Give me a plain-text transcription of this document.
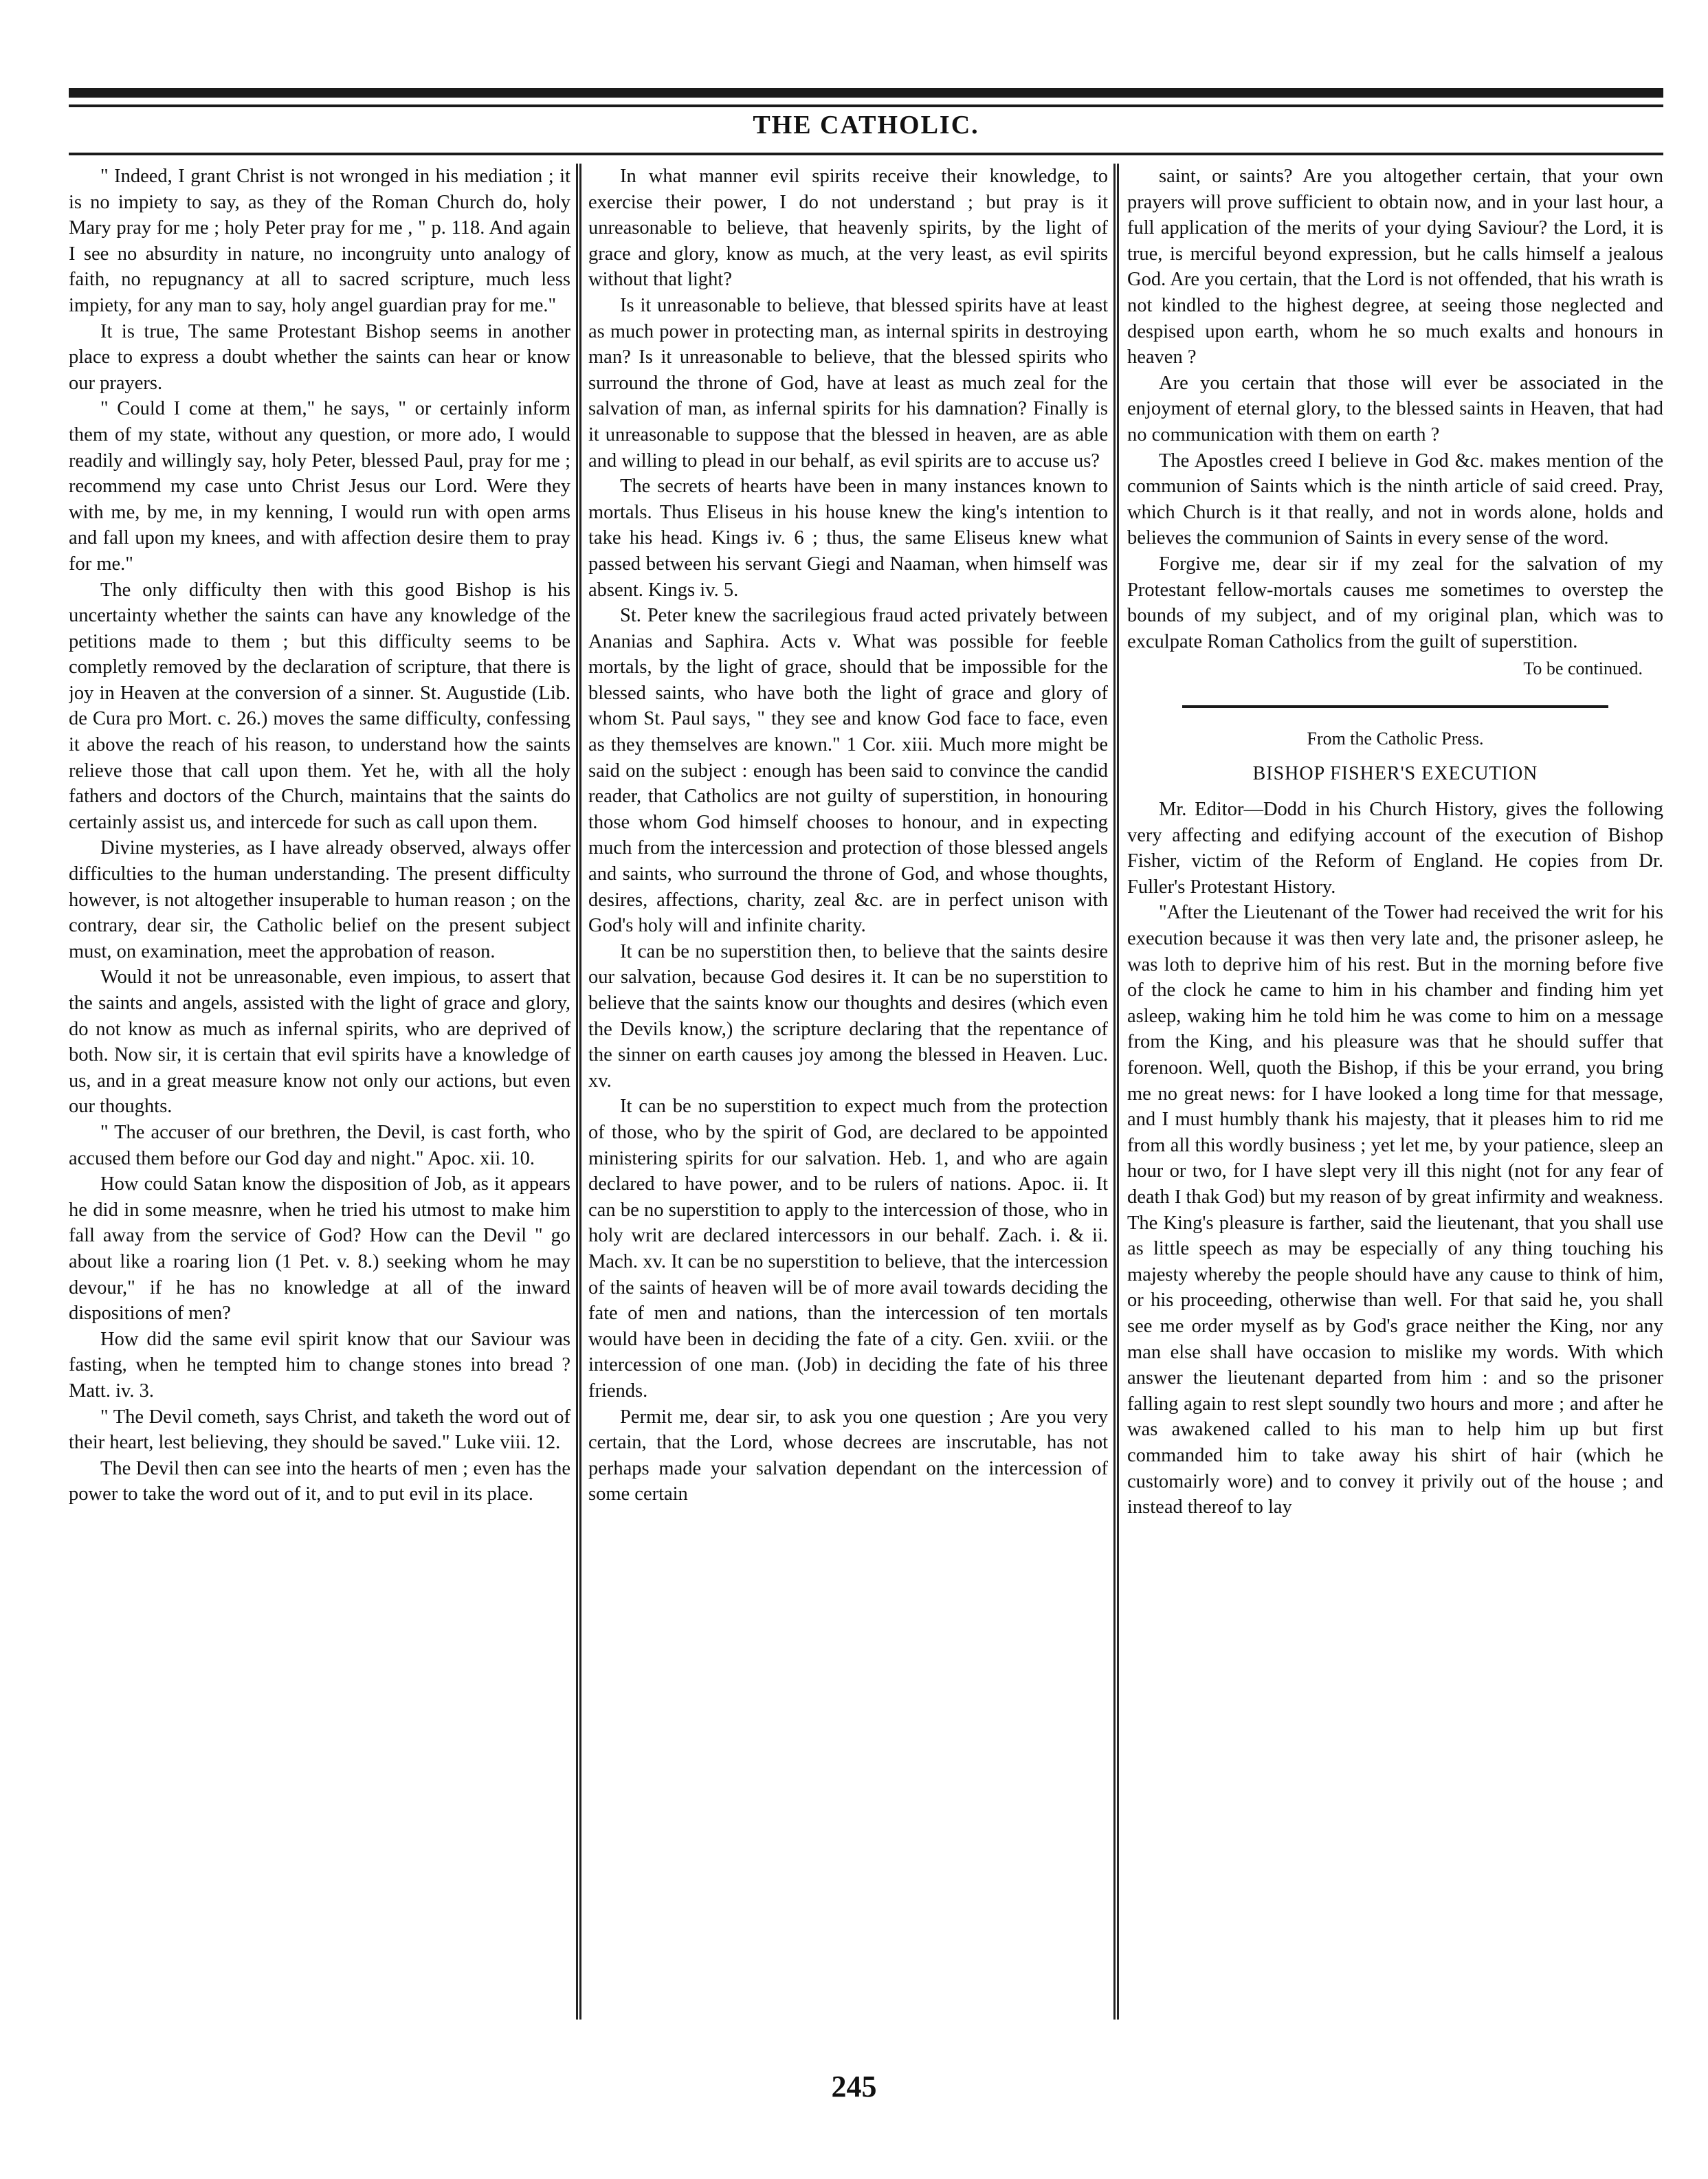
THE CATHOLIC.

" Indeed, I grant Christ is not wronged in his mediation ; it is no impiety to say, as they of the Roman Church do, holy Mary pray for me ; holy Peter pray for me , " p. 118. And again I see no absurdity in nature, no incongruity unto analogy of faith, no repugnancy at all to sacred scripture, much less impiety, for any man to say, holy angel guardian pray for me."

It is true, The same Protestant Bishop seems in another place to express a doubt whether the saints can hear or know our prayers.

" Could I come at them," he says, " or certainly inform them of my state, without any question, or more ado, I would readily and willingly say, holy Peter, blessed Paul, pray for me ; recommend my case unto Christ Jesus our Lord. Were they with me, by me, in my kenning, I would run with open arms and fall upon my knees, and with affection desire them to pray for me."

The only difficulty then with this good Bishop is his uncertainty whether the saints can have any knowledge of the petitions made to them ; but this difficulty seems to be completly removed by the declaration of scripture, that there is joy in Heaven at the conversion of a sinner. St. Augustide (Lib. de Cura pro Mort. c. 26.) moves the same difficulty, confessing it above the reach of his reason, to understand how the saints relieve those that call upon them. Yet he, with all the holy fathers and doctors of the Church, maintains that the saints do certainly assist us, and intercede for such as call upon them.

Divine mysteries, as I have already observed, always offer difficulties to the human understanding. The present difficulty however, is not altogether insuperable to human reason ; on the contrary, dear sir, the Catholic belief on the present subject must, on examination, meet the approbation of reason.

Would it not be unreasonable, even impious, to assert that the saints and angels, assisted with the light of grace and glory, do not know as much as infernal spirits, who are deprived of both. Now sir, it is certain that evil spirits have a knowledge of us, and in a great measure know not only our actions, but even our thoughts.

" The accuser of our brethren, the Devil, is cast forth, who accused them before our God day and night." Apoc. xii. 10.

How could Satan know the disposition of Job, as it appears he did in some measnre, when he tried his utmost to make him fall away from the service of God? How can the Devil " go about like a roaring lion (1 Pet. v. 8.) seeking whom he may devour," if he has no knowledge at all of the inward dispositions of men?

How did the same evil spirit know that our Saviour was fasting, when he tempted him to change stones into bread ? Matt. iv. 3.

" The Devil cometh, says Christ, and taketh the word out of their heart, lest believing, they should be saved." Luke viii. 12.

The Devil then can see into the hearts of men ; even has the power to take the word out of it, and to put evil in its place.

In what manner evil spirits receive their knowledge, to exercise their power, I do not understand ; but pray is it unreasonable to believe, that heavenly spirits, by the light of grace and glory, know as much, at the very least, as evil spirits without that light?

Is it unreasonable to believe, that blessed spirits have at least as much power in protecting man, as internal spirits in destroying man? Is it unreasonable to believe, that the blessed spirits who surround the throne of God, have at least as much zeal for the salvation of man, as infernal spirits for his damnation? Finally is it unreasonable to suppose that the blessed in heaven, are as able and willing to plead in our behalf, as evil spirits are to accuse us?

The secrets of hearts have been in many instances known to mortals. Thus Eliseus in his house knew the king's intention to take his head. Kings iv. 6 ; thus, the same Eliseus knew what passed between his servant Giegi and Naaman, when himself was absent. Kings iv. 5.

St. Peter knew the sacrilegious fraud acted privately between Ananias and Saphira. Acts v. What was possible for feeble mortals, by the light of grace, should that be impossible for the blessed saints, who have both the light of grace and glory of whom St. Paul says, " they see and know God face to face, even as they themselves are known." 1 Cor. xiii. Much more might be said on the subject : enough has been said to convince the candid reader, that Catholics are not guilty of superstition, in honouring those whom God himself chooses to honour, and in expecting much from the intercession and protection of those blessed angels and saints, who surround the throne of God, and whose thoughts, desires, affections, charity, zeal &c. are in perfect unison with God's holy will and infinite charity.

It can be no superstition then, to believe that the saints desire our salvation, because God desires it. It can be no superstition to believe that the saints know our thoughts and desires (which even the Devils know,) the scripture declaring that the repentance of the sinner on earth causes joy among the blessed in Heaven. Luc. xv.

It can be no superstition to expect much from the protection of those, who by the spirit of God, are declared to be appointed ministering spirits for our salvation. Heb. 1, and who are again declared to have power, and to be rulers of nations. Apoc. ii. It can be no superstition to apply to the intercession of those, who in holy writ are declared intercessors in our behalf. Zach. i. & ii. Mach. xv. It can be no superstition to believe, that the intercession of the saints of heaven will be of more avail towards deciding the fate of men and nations, than the intercession of ten mortals would have been in deciding the fate of a city. Gen. xviii. or the intercession of one man. (Job) in deciding the fate of his three friends.

Permit me, dear sir, to ask you one question ; Are you very certain, that the Lord, whose decrees are inscrutable, has not perhaps made your salvation dependant on the intercession of some certain

saint, or saints? Are you altogether certain, that your own prayers will prove sufficient to obtain now, and in your last hour, a full application of the merits of your dying Saviour? the Lord, it is true, is merciful beyond expression, but he calls himself a jealous God. Are you certain, that the Lord is not offended, that his wrath is not kindled to the highest degree, at seeing those neglected and despised upon earth, whom he so much exalts and honours in heaven ?

Are you certain that those will ever be associated in the enjoyment of eternal glory, to the blessed saints in Heaven, that had no communication with them on earth ?

The Apostles creed I believe in God &c. makes mention of the communion of Saints which is the ninth article of said creed. Pray, which Church is it that really, and not in words alone, holds and believes the communion of Saints in every sense of the word.

Forgive me, dear sir if my zeal for the salvation of my Protestant fellow-mortals causes me sometimes to overstep the bounds of my subject, and of my original plan, which was to exculpate Roman Catholics from the guilt of superstition.

To be continued.
From the Catholic Press.
BISHOP FISHER'S EXECUTION

Mr. Editor—Dodd in his Church History, gives the following very affecting and edifying account of the execution of Bishop Fisher, victim of the Reform of England. He copies from Dr. Fuller's Protestant History.

"After the Lieutenant of the Tower had received the writ for his execution because it was then very late and, the prisoner asleep, he was loth to deprive him of his rest. But in the morning before five of the clock he came to him in his chamber and finding him yet asleep, waking him he told him he was come to him on a message from the King, and his pleasure was that he should suffer that forenoon. Well, quoth the Bishop, if this be your errand, you bring me no great news: for I have looked a long time for that message, and I must humbly thank his majesty, that it pleases him to rid me from all this wordly business ; yet let me, by your patience, sleep an hour or two, for I have slept very ill this night (not for any fear of death I thak God) but my reason of by great infirmity and weakness. The King's pleasure is farther, said the lieutenant, that you shall use as little speech as may be especially of any thing touching his majesty whereby the people should have any cause to think of him, or his proceeding, otherwise than well. For that said he, you shall see me order myself as by God's grace neither the King, nor any man else shall have occasion to mislike my words. With which answer the lieutenant departed from him : and so the prisoner falling again to rest slept soundly two hours and more ; and after he was awakened called to his man to help him up but first commanded him to take away his shirt of hair (which he customairly wore) and to convey it privily out of the house ; and instead thereof to lay

245
